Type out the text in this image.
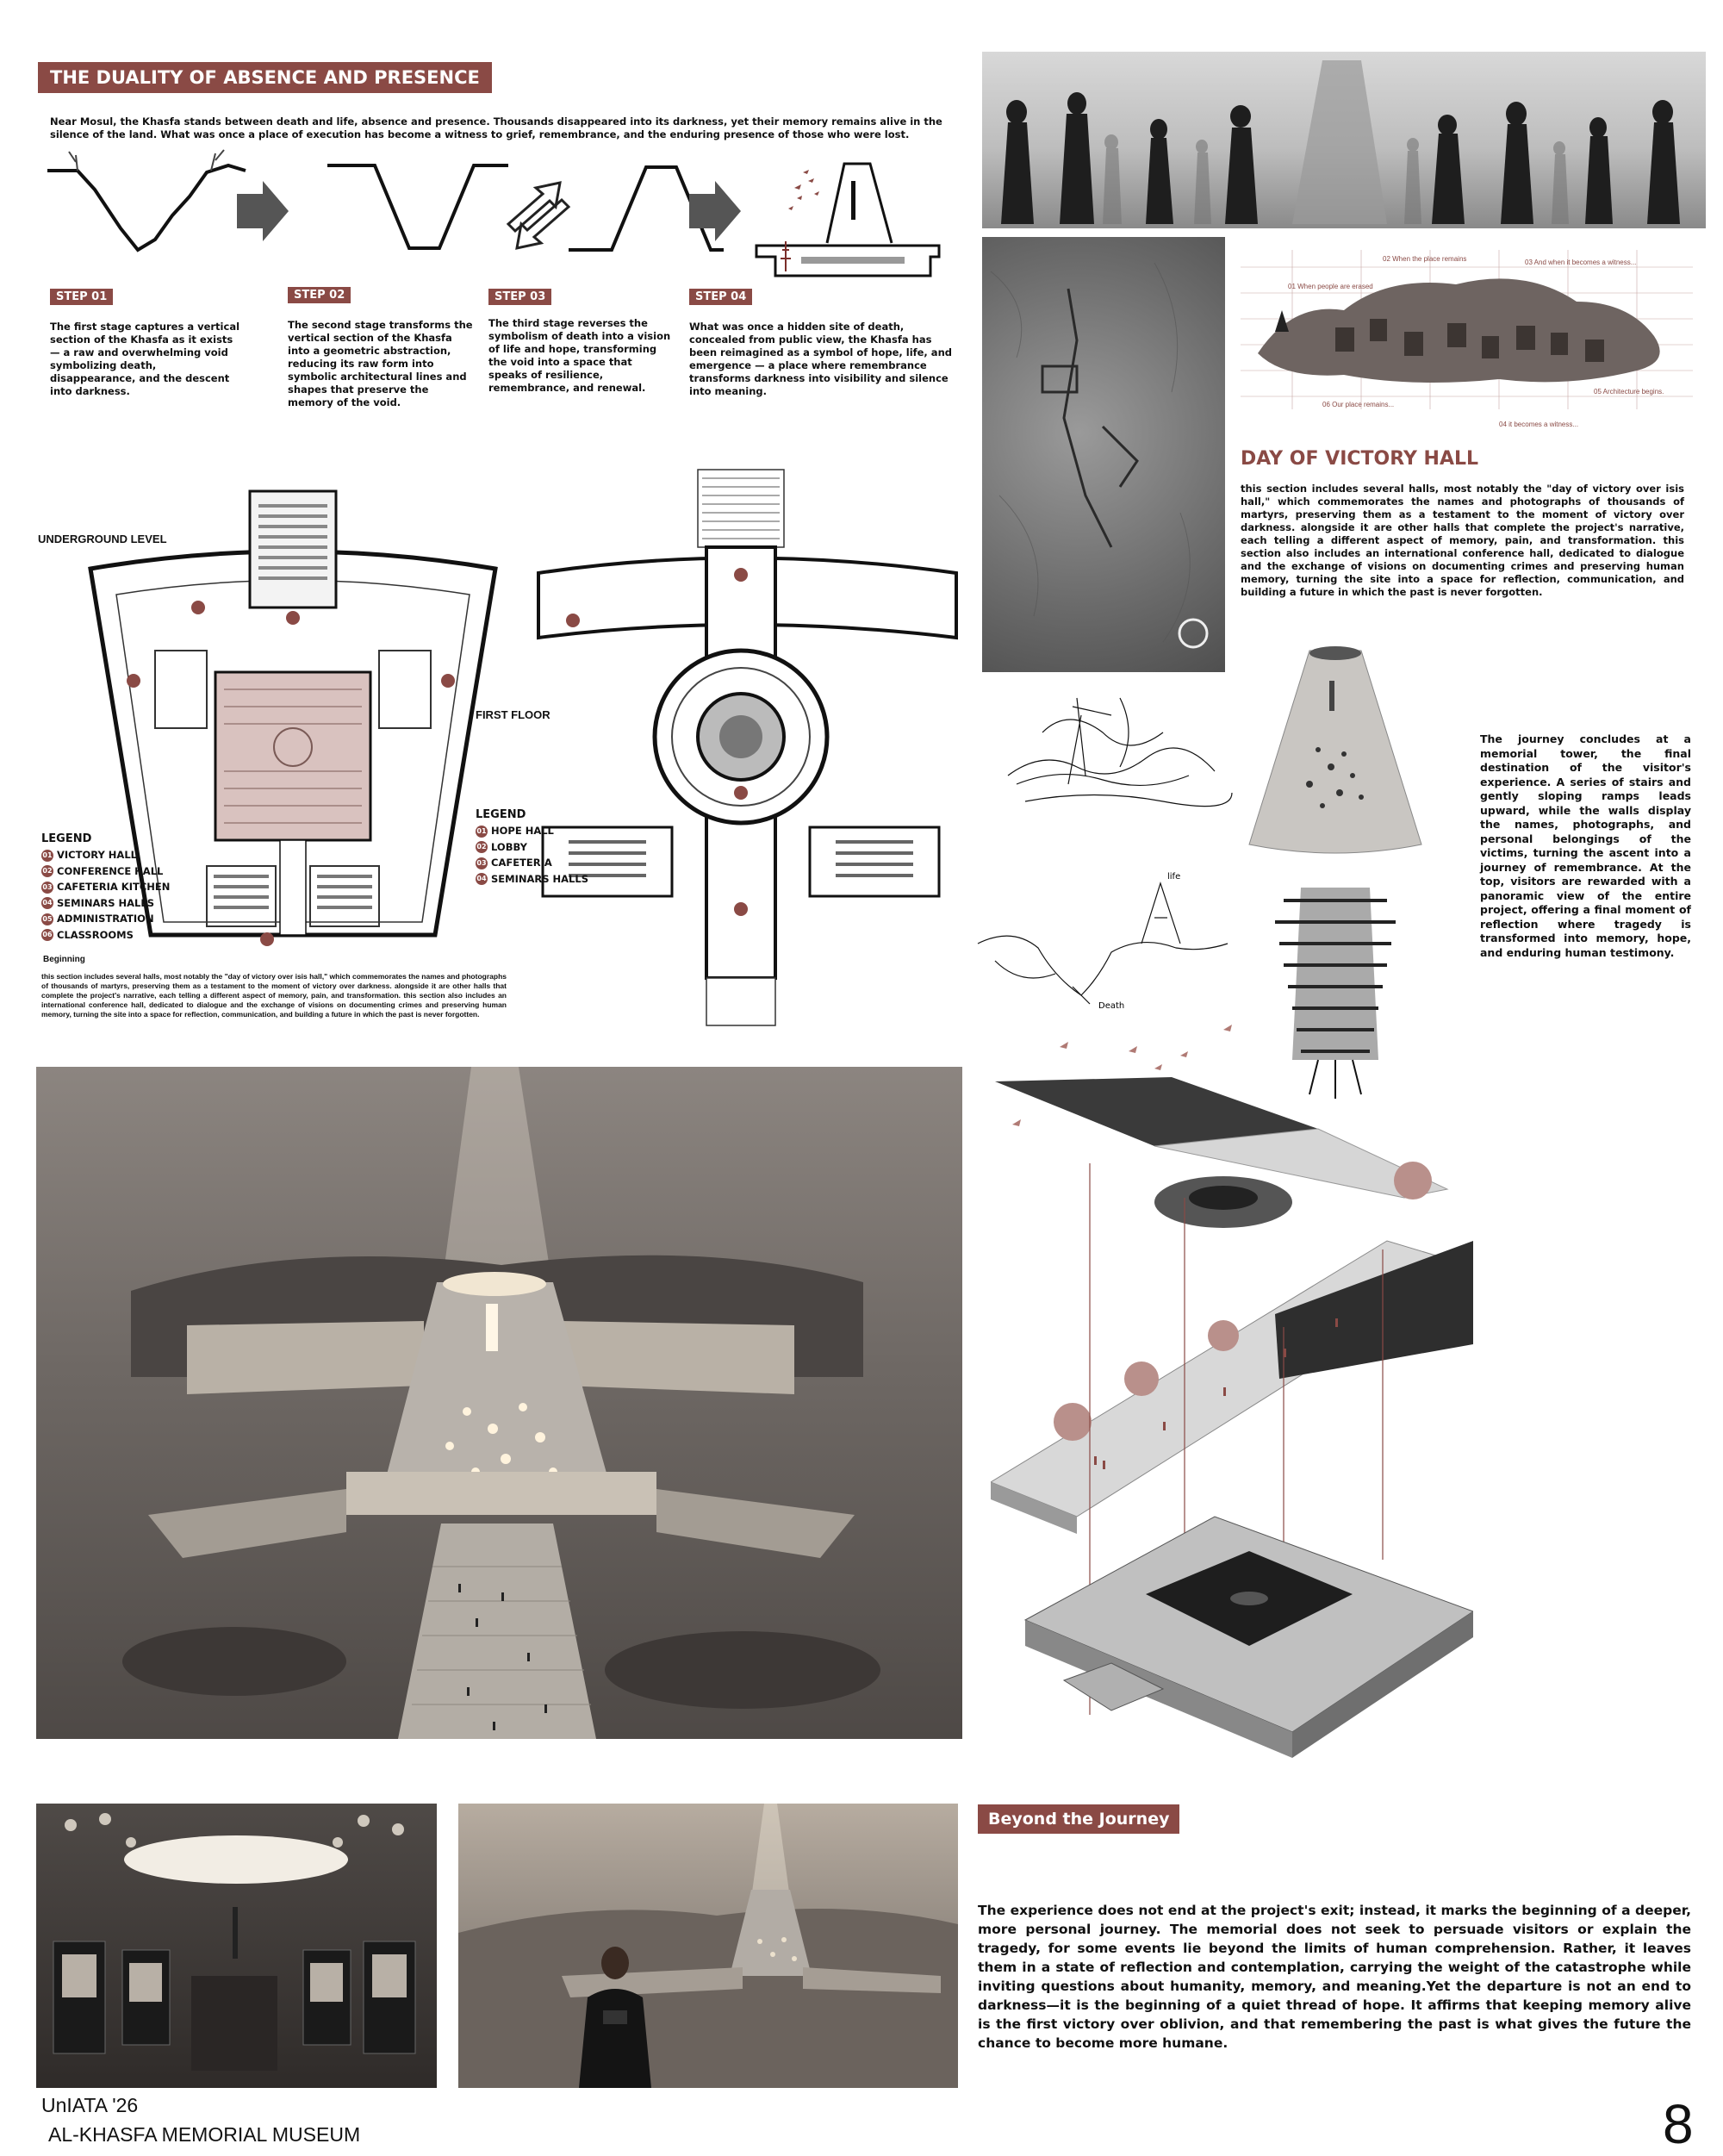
THE DUALITY OF ABSENCE AND PRESENCE
Near Mosul, the Khasfa stands between death and life, absence and presence. Thousands disappeared into its darkness, yet their memory remains alive in the silence of the land. What was once a place of execution has become a witness to grief, remembrance, and the enduring presence of those who were lost.
STEP 01
The first stage captures a vertical section of the Khasfa as it exists — a raw and overwhelming void symbolizing death, disappearance, and the descent into darkness.
STEP 02
The second stage transforms the vertical section of the Khasfa into a geometric abstraction, reducing its raw form into symbolic architectural lines and shapes that preserve the memory of the void.
STEP 03
The third stage reverses the symbolism of death into a vision of life and hope, transforming the void into a space that speaks of resilience, remembrance, and renewal.
STEP 04
What was once a hidden site of death, concealed from public view, the Khasfa has been reimagined as a symbol of hope, life, and emergence — a place where remembrance transforms darkness into visibility and silence into meaning.
01 When people are erased
02 When the place remains	03 And when it becomes a witness...
04 it becomes a witness...
05 Architecture begins.
06 Our place remains...
DAY OF VICTORY HALL
this section includes several halls, most notably the "day of victory over isis hall," which commemorates the names and photographs of thousands of martyrs, preserving them as a testament to the moment of victory over darkness. alongside it are other halls that complete the project's narrative, each telling a different aspect of memory, pain, and transformation. this section also includes an international conference hall, dedicated to dialogue and the exchange of visions on documenting crimes and preserving human memory, turning the site into a space for reflection, communication, and building a future in which the past is never forgotten.
UNDERGROUND LEVEL
LEGEND
01 VICTORY HALL
02 CONFERENCE HALL
03 CAFETERIA KITCHEN
04 SEMINARS HALLS
05 ADMINISTRATION
06 CLASSROOMS
Beginning
this section includes several halls, most notably the "day of victory over isis hall," which commemorates the names and photographs of thousands of martyrs, preserving them as a testament to the moment of victory over darkness. alongside it are other halls that complete the project's narrative, each telling a different aspect of memory, pain, and transformation. this section also includes an international conference hall, dedicated to dialogue and the exchange of visions on documenting crimes and preserving human memory, turning the site into a space for reflection, communication, and building a future in which the past is never forgotten.
FIRST FLOOR
LEGEND
01 HOPE HALL
02 LOBBY
03 CAFETERIA
04 SEMINARS HALLS	life
Death
The journey concludes at a memorial tower, the final destination of the visitor's experience. A series of stairs and gently sloping ramps leads upward, while the walls display the names, photographs, and personal belongings of the victims, turning the ascent into a journey of remembrance. At the top, visitors are rewarded with a panoramic view of the entire project, offering a final moment of reflection where tragedy is transformed into memory, hope, and enduring human testimony.
Beyond the Journey
The experience does not end at the project's exit; instead, it marks the beginning of a deeper, more personal journey. The memorial does not seek to persuade visitors or explain the tragedy, for some events lie beyond the limits of human comprehension. Rather, it leaves them in a state of reflection and contemplation, carrying the weight of the catastrophe while inviting questions about humanity, memory, and meaning.Yet the departure is not an end to darkness—it is the beginning of a quiet thread of hope. It affirms that keeping memory alive is the first victory over oblivion, and that remembering the past is what gives the future the chance to become more humane.
UnIATA '26
AL-KHASFA MEMORIAL MUSEUM	8
